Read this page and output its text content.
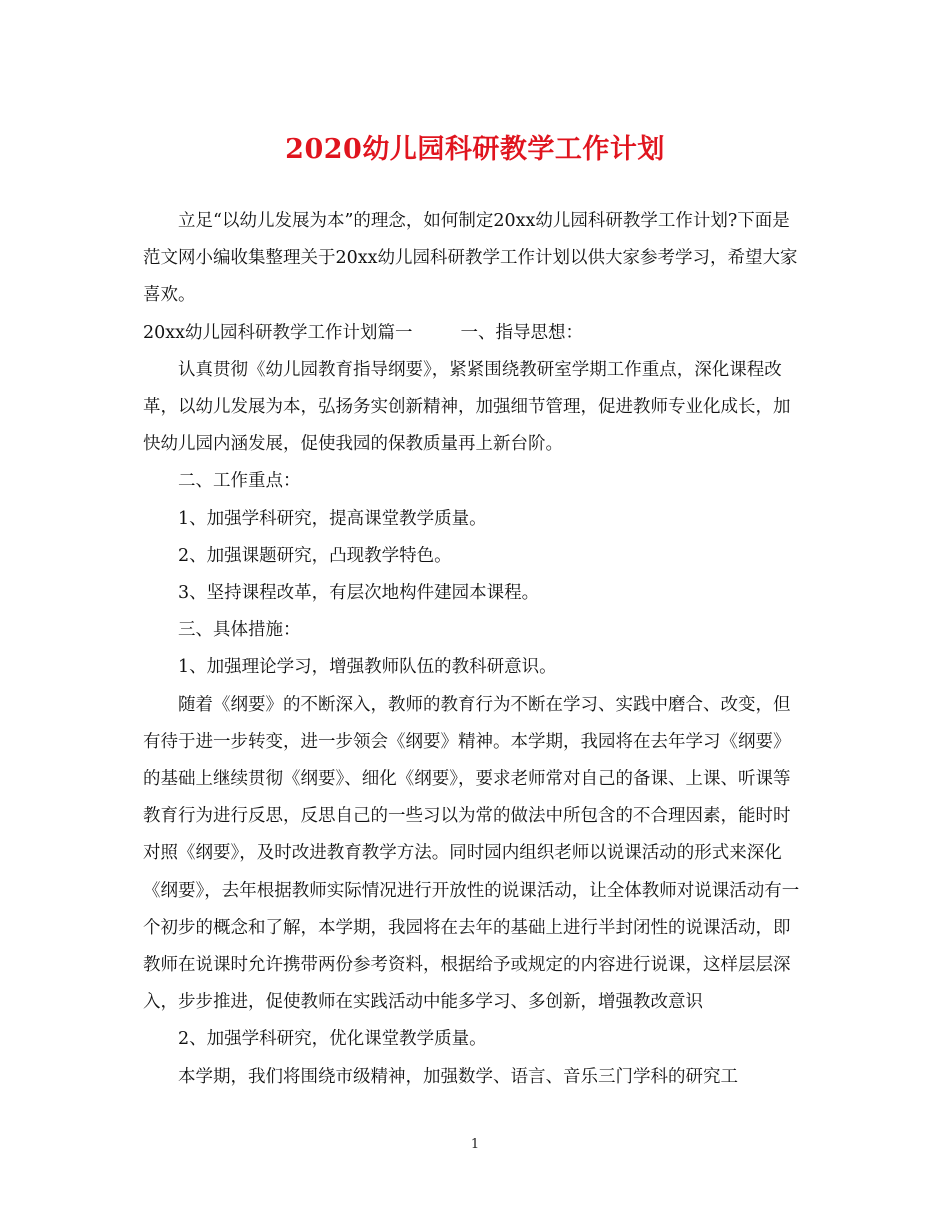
2020幼儿园科研教学工作计划

立足“以幼儿发展为本”的理念，如何制定20xx幼儿园科研教学工作计划?下面是范文网小编收集整理关于20xx幼儿园科研教学工作计划以供大家参考学习，希望大家喜欢。

20xx幼儿园科研教学工作计划篇一	一、指导思想：

认真贯彻《幼儿园教育指导纲要》，紧紧围绕教研室学期工作重点，深化课程改革，以幼儿发展为本，弘扬务实创新精神，加强细节管理，促进教师专业化成长，加快幼儿园内涵发展，促使我园的保教质量再上新台阶。

二、工作重点：

1、加强学科研究，提高课堂教学质量。

2、加强课题研究，凸现教学特色。

3、坚持课程改革，有层次地构件建园本课程。

三、具体措施：

1、加强理论学习，增强教师队伍的教科研意识。

随着《纲要》的不断深入，教师的教育行为不断在学习、实践中磨合、改变，但有待于进一步转变，进一步领会《纲要》精神。本学期，我园将在去年学习《纲要》的基础上继续贯彻《纲要》、细化《纲要》，要求老师常对自己的备课、上课、听课等教育行为进行反思，反思自己的一些习以为常的做法中所包含的不合理因素，能时时对照《纲要》，及时改进教育教学方法。同时园内组织老师以说课活动的形式来深化《纲要》，去年根据教师实际情况进行开放性的说课活动，让全体教师对说课活动有一个初步的概念和了解，本学期，我园将在去年的基础上进行半封闭性的说课活动，即教师在说课时允许携带两份参考资料，根据给予或规定的内容进行说课，这样层层深入，步步推进，促使教师在实践活动中能多学习、多创新，增强教改意识

2、加强学科研究，优化课堂教学质量。

本学期，我们将围绕市级精神，加强数学、语言、音乐三门学科的研究工

1
